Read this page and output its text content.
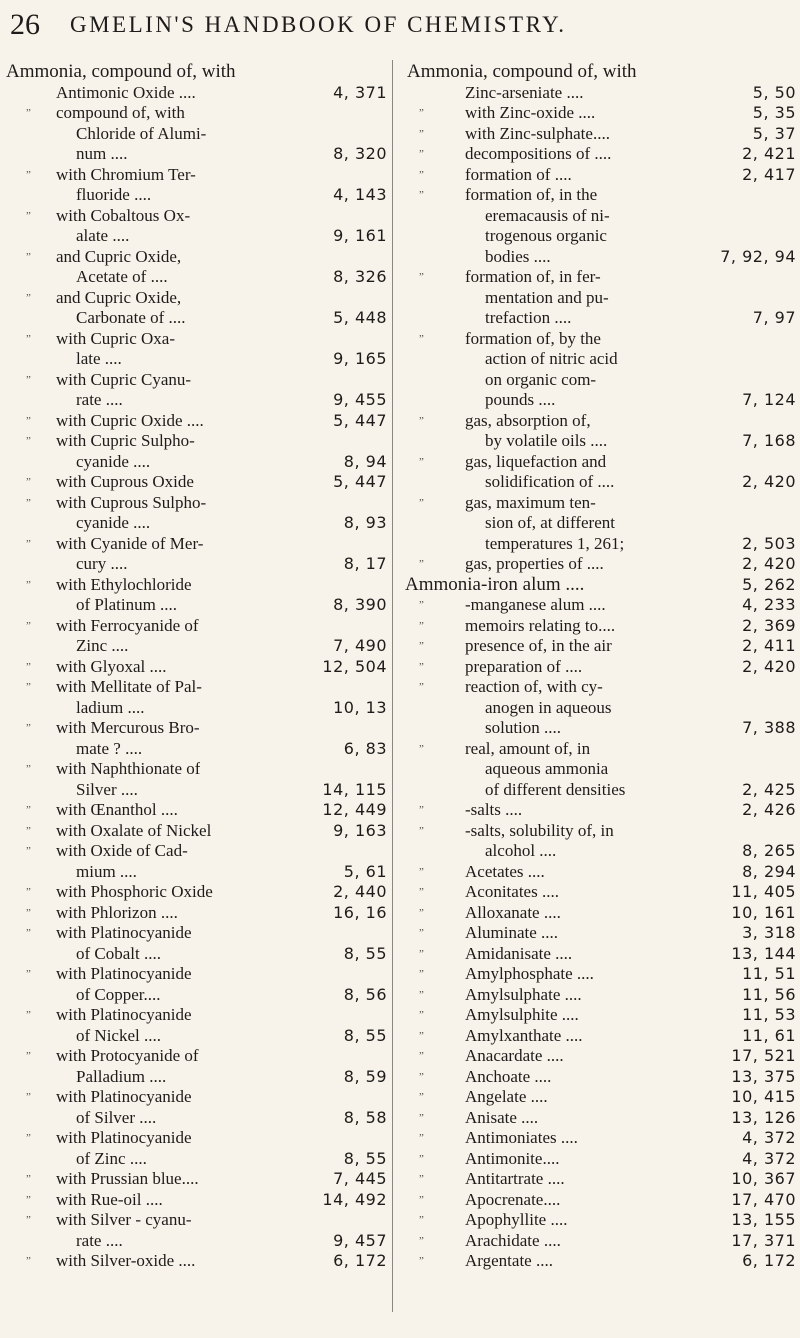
26 GMELIN'S HANDBOOK OF CHEMISTRY.
Ammonia, compound of, with
Antimonic Oxide ....	4, 371
” compound of, with
Chloride of Alumi-
num ....	8, 320
” with Chromium Ter-
fluoride ....	4, 143
” with Cobaltous Ox-
alate ....	9, 161
” and Cupric Oxide,
Acetate of ....	8, 326
” and Cupric Oxide,
Carbonate of ....	5, 448
” with Cupric Oxa-
late ....	9, 165
” with Cupric Cyanu-
rate ....	9, 455
” with Cupric Oxide ....	5, 447
” with Cupric Sulpho-
cyanide ....	8, 94
” with Cuprous Oxide	5, 447
” with Cuprous Sulpho-
cyanide ....	8, 93
” with Cyanide of Mer-
cury ....	8, 17
” with Ethylochloride
of Platinum ....	8, 390
” with Ferrocyanide of
Zinc ....	7, 490
” with Glyoxal ....	12, 504
” with Mellitate of Pal-
ladium ....	10, 13
” with Mercurous Bro-
mate ? ....	6, 83
” with Naphthionate of
Silver ....	14, 115
” with Œnanthol ....	12, 449
” with Oxalate of Nickel	9, 163
” with Oxide of Cad-
mium ....	5, 61
” with Phosphoric Oxide	2, 440
” with Phlorizon ....	16, 16
” with Platinocyanide
of Cobalt ....	8, 55
” with Platinocyanide
of Copper....	8, 56
” with Platinocyanide
of Nickel ....	8, 55
” with Protocyanide of
Palladium ....	8, 59
” with Platinocyanide
of Silver ....	8, 58
” with Platinocyanide
of Zinc ....	8, 55
” with Prussian blue....	7, 445
” with Rue-oil ....	14, 492
” with Silver - cyanu-
rate ....	9, 457
” with Silver-oxide ....	6, 172
Ammonia, compound of, with
Zinc-arseniate ....	5, 50
” with Zinc-oxide ....	5, 35
” with Zinc-sulphate....	5, 37
” decompositions of ....	2, 421
” formation of ....	2, 417
” formation of, in the
eremacausis of ni-
trogenous organic
bodies ....	7, 92, 94
” formation of, in fer-
mentation and pu-
trefaction ....	7, 97
” formation of, by the
action of nitric acid
on organic com-
pounds ....	7, 124
” gas, absorption of,
by volatile oils ....	7, 168
” gas, liquefaction and
solidification of ....	2, 420
” gas, maximum ten-
sion of, at different
temperatures 1, 261;	2, 503
” gas, properties of ....	2, 420
Ammonia-iron alum ....	5, 262
” -manganese alum ....	4, 233
” memoirs relating to....	2, 369
” presence of, in the air	2, 411
” preparation of ....	2, 420
” reaction of, with cy-
anogen in aqueous
solution ....	7, 388
” real, amount of, in
aqueous ammonia
of different densities	2, 425
” -salts ....	2, 426
” -salts, solubility of, in
alcohol ....	8, 265
” Acetates ....	8, 294
” Aconitates ....	11, 405
” Alloxanate ....	10, 161
” Aluminate ....	3, 318
” Amidanisate ....	13, 144
” Amylphosphate ....	11, 51
” Amylsulphate ....	11, 56
” Amylsulphite ....	11, 53
” Amylxanthate ....	11, 61
” Anacardate ....	17, 521
” Anchoate ....	13, 375
” Angelate ....	10, 415
” Anisate ....	13, 126
” Antimoniates ....	4, 372
” Antimonite....	4, 372
” Antitartrate ....	10, 367
” Apocrenate....	17, 470
” Apophyllite ....	13, 155
” Arachidate ....	17, 371
” Argentate ....	6, 172
